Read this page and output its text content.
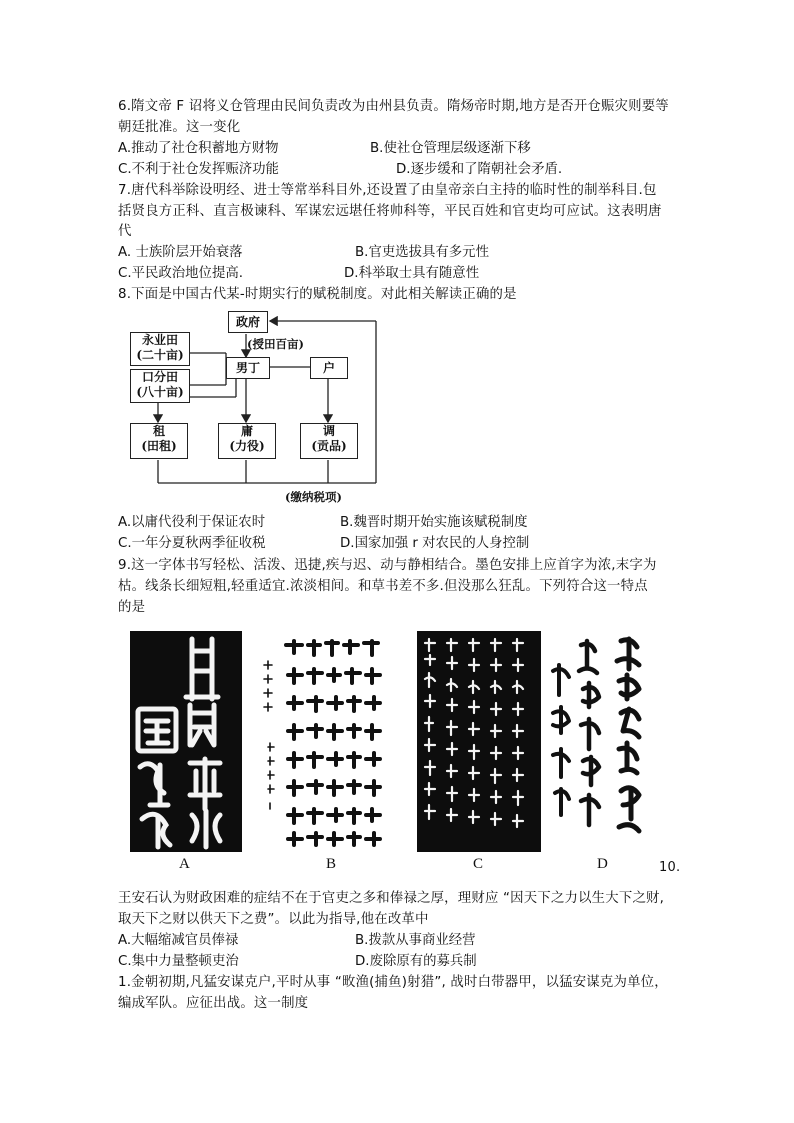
6.隋文帝 F 诏将义仓管理由民间负责改为由州县负责。隋炀帝时期,地方是否开仓赈灾则要等
朝廷批准。这一变化
A.推动了社仓积蓄地方财物	B.使社仓管理层级逐渐下移
C.不利于社仓发挥赈济功能	D.逐步缓和了隋朝社会矛盾.
7.唐代科举除设明经、进士等常举科目外,还设置了由皇帝亲白主持的临时性的制举科目.包
括贤良方正科、直言极谏科、军谋宏远堪任将帅科等，平民百姓和官吏均可应试。这表明唐
代
A. 士族阶层开始衰落	B.官吏选拔具有多元性
C.平民政治地位提高.	D.科举取士具有随意性
8.下面是中国古代某-时期实行的赋税制度。对此相关解读正确的是
政府
(授田百亩)
永业田
(二十亩)
口分田
(八十亩)
男丁	户
租
(田租)
庸
(力役)
调
(贡品)
(缴纳税项)
A.以庸代役利于保证农时	B.魏晋时期开始实施该赋税制度
C.一年分夏秋两季征收税	D.国家加强 r 对农民的人身控制
9.这一字体书写轻松、活泼、迅捷,疾与迟、动与静相结合。墨色安排上应首字为浓,末字为
枯。线条长细短粗,轻重适宜.浓淡相间。和草书差不多.但没那么狂乱。下列符合这一特点
的是
A	B	C	D	10.
王安石认为财政困难的症结不在于官吏之多和俸禄之厚，理财应 “因天下之力以生大下之财,
取天下之财以供天下之费”。以此为指导,他在改革中
A.大幅缩减官员俸禄	B.拨款从事商业经营
C.集中力量整顿吏治	D.废除原有的募兵制
1.金朝初期,凡猛安谋克户,平时从事 “畋渔(捕鱼)射猎”, 战时白带器甲，以猛安谋克为单位，
编成军队。应征出战。这一制度
